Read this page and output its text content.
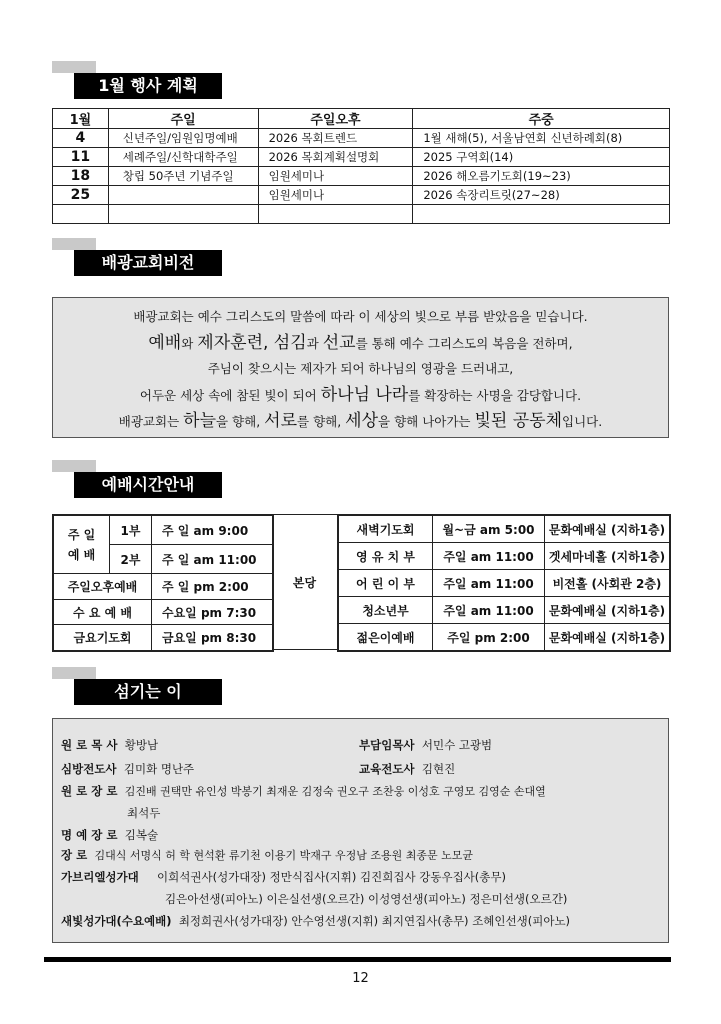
1월 행사 계획
1월	주일	주일오후	주중
4	신년주일/임원임명예배	2026 목회트렌드	1월 새해(5), 서울남연회 신년하례회(8)
11	세례주일/신학대학주일	2026 목회계획설명회	2025 구역회(14)
18	창립 50주년 기념주일	임원세미나	2026 해오름기도회(19~23)
25		임원세미나	2026 속장리트릿(27~28)

배광교회비전
배광교회는 예수 그리스도의 말씀에 따라 이 세상의 빛으로 부름 받았음을 믿습니다.
예배와 제자훈련, 섬김과 선교를 통해 예수 그리스도의 복음을 전하며,
주님이 찾으시는 제자가 되어 하나님의 영광을 드러내고,
어두운 세상 속에 참된 빛이 되어 하나님 나라를 확장하는 사명을 감당합니다.
배광교회는 하늘을 향해, 서로를 향해, 세상을 향해 나아가는 빛된 공동체입니다.
예배시간안내
주 일
예 배	1부	주 일 am 9:00
	2부	주 일 am 11:00
주일오후예배		주 일 pm 2:00
수 요 예 배		수요일 pm 7:30
금요기도회		금요일 pm 8:30
본당
새벽기도회	월~금 am 5:00	문화예배실 (지하1층)
영 유 치 부	주일 am 11:00	겟세마네홀 (지하1층)
어 린 이 부	주일 am 11:00	비전홀 (사회관 2층)
청소년부	주일 am 11:00	문화예배실 (지하1층)
젊은이예배	주일 pm 2:00	문화예배실 (지하1층)
섬기는 이
원 로 목 사 황방남	부담임목사 서민수 고광범
심방전도사 김미화 명난주	교육전도사 김현진
원 로 장 로 김진배 권택만 유인성 박봉기 최재운 김정숙 권오구 조찬웅 이성호 구영모 김영순 손대열
최석두
명 예 장 로 김복술
장 로 김대식 서명식 허 학 현석환 류기천 이용기 박재구 우정남 조용원 최종문 노모균
가브리엘성가대 이희석권사(성가대장) 정만식집사(지휘) 김진희집사 강동우집사(총무)
김은아선생(피아노) 이은실선생(오르간) 이성영선생(피아노) 정은미선생(오르간)
새빛성가대(수요예배) 최정희권사(성가대장) 안수영선생(지휘) 최지연집사(총무) 조혜인선생(피아노)
12
